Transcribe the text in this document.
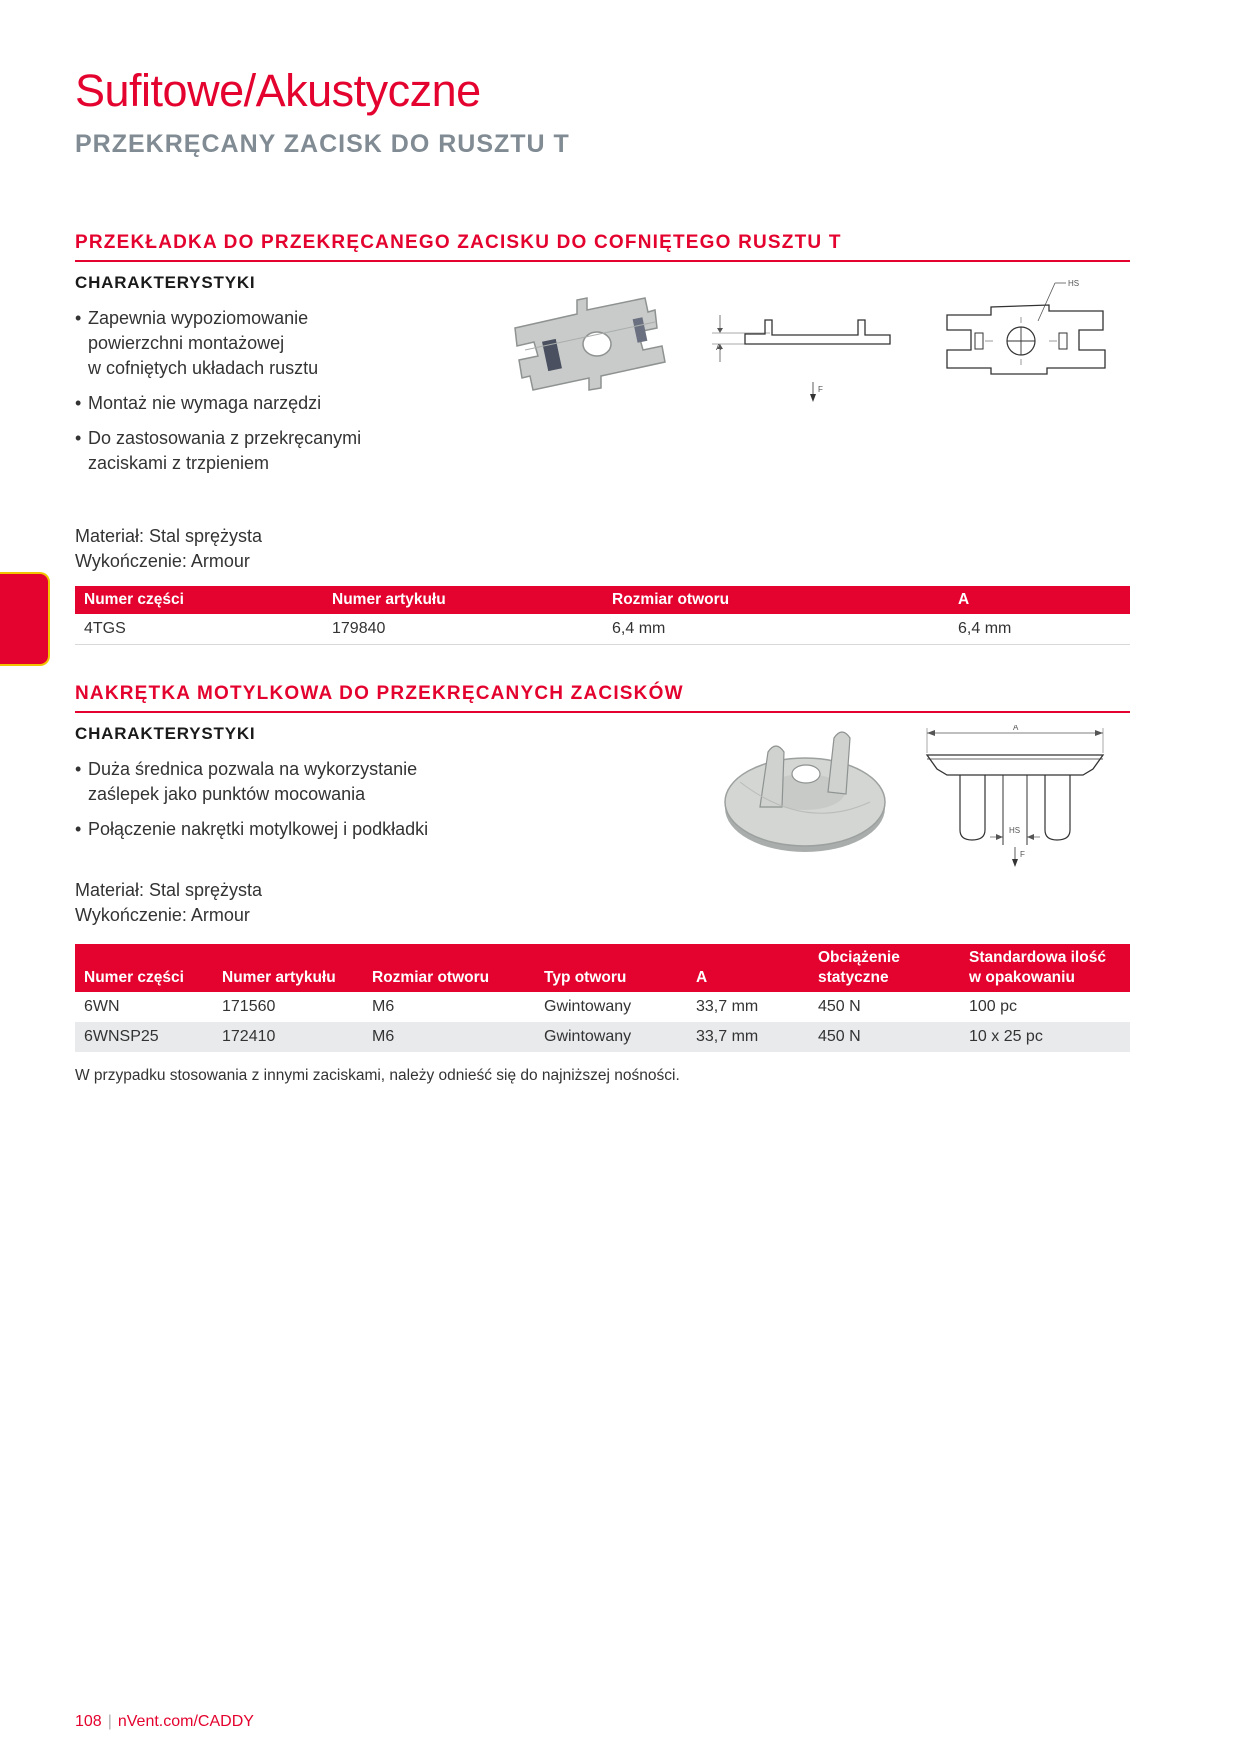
Sufitowe/Akustyczne
PRZEKRĘCANY ZACISK DO RUSZTU T
PRZEKŁADKA DO PRZEKRĘCANEGO ZACISKU DO COFNIĘTEGO RUSZTU T
CHARAKTERYSTYKI
• Zapewnia wypoziomowanie
powierzchni montażowej
w cofniętych układach rusztu
• Montaż nie wymaga narzędzi
• Do zastosowania z przekręcanymi
zaciskami z trzpieniem
A
F
HS
Materiał: Stal sprężysta
Wykończenie: Armour
Numer części	Numer artykułu	Rozmiar otworu	A
4TGS	179840	6,4 mm	6,4 mm
NAKRĘTKA MOTYLKOWA DO PRZEKRĘCANYCH ZACISKÓW
CHARAKTERYSTYKI
• Duża średnica pozwala na wykorzystanie
zaślepek jako punktów mocowania
• Połączenie nakrętki motylkowej i podkładki
A
HS
F
Materiał: Stal sprężysta
Wykończenie: Armour
Numer części	Numer artykułu	Rozmiar otworu	Typ otworu	A	Obciążenie
statyczne	Standardowa ilość
w opakowaniu
6WN	171560	M6	Gwintowany	33,7 mm	450 N	100 pc
6WNSP25	172410	M6	Gwintowany	33,7 mm	450 N	10 x 25 pc
W przypadku stosowania z innymi zaciskami, należy odnieść się do najniższej nośności.
108 | nVent.com/CADDY
